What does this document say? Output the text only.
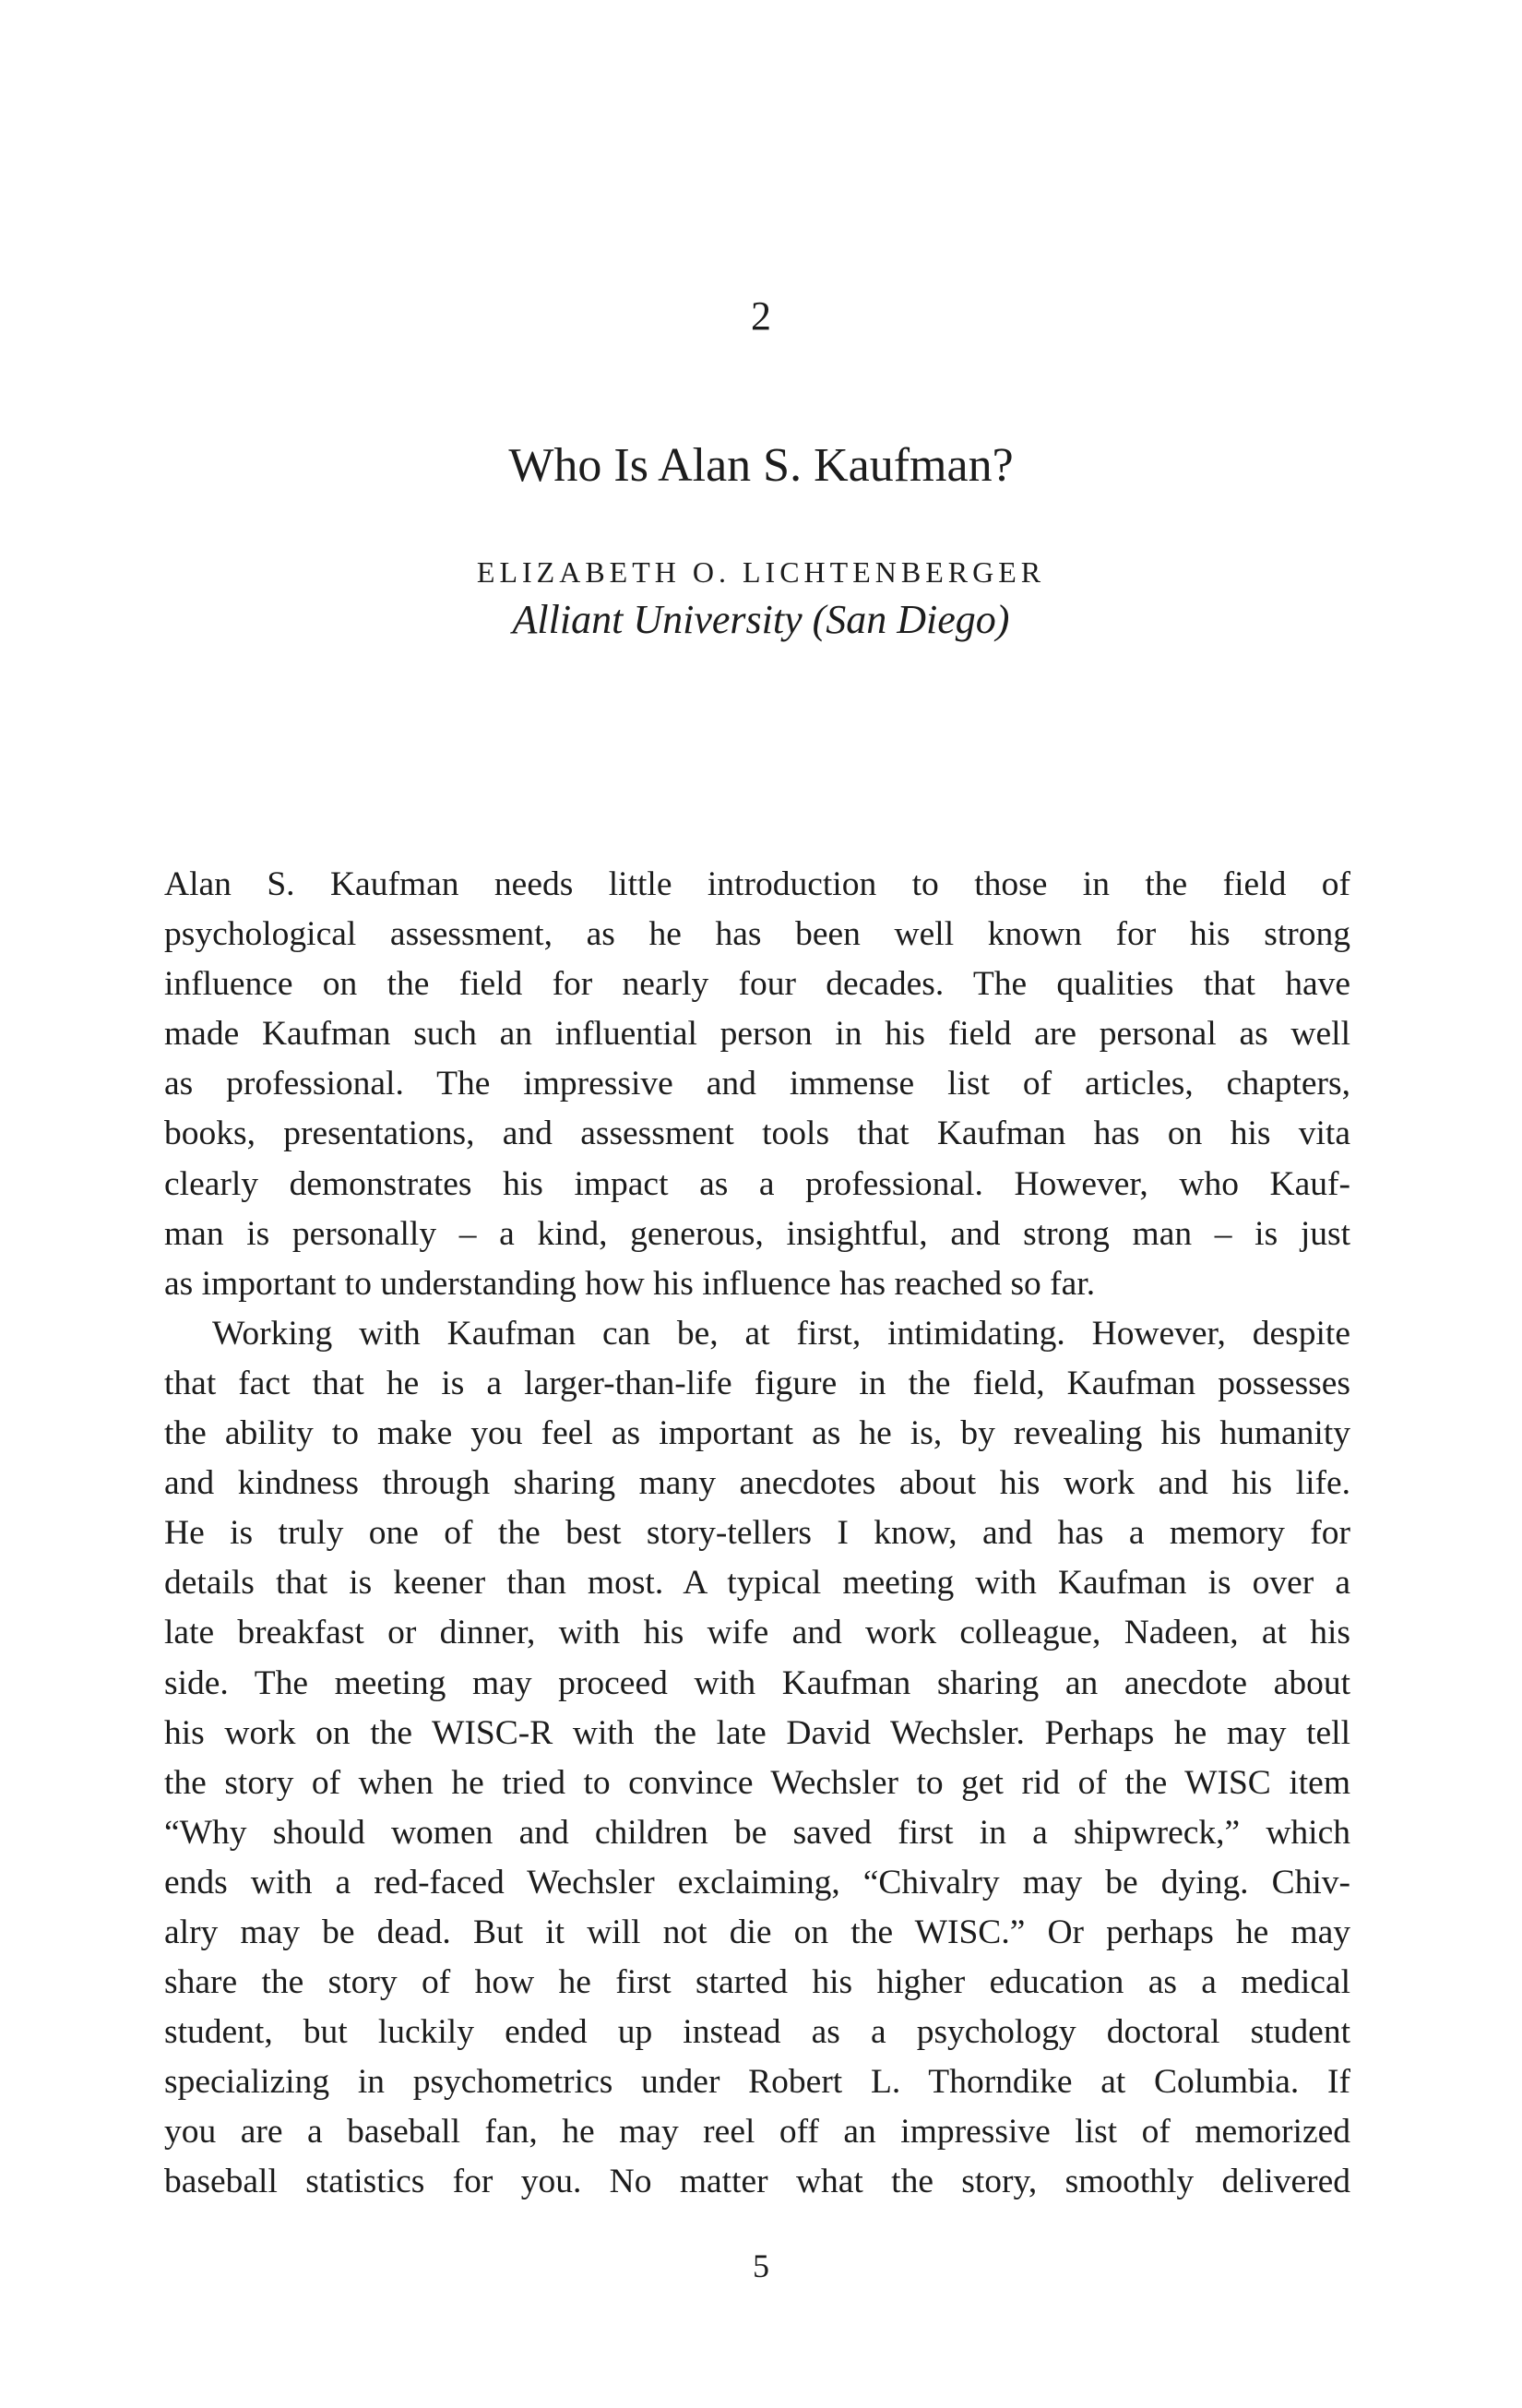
2
Who Is Alan S. Kaufman?
ELIZABETH O. LICHTENBERGER
Alliant University (San Diego)

Alan S. Kaufman needs little introduction to those in the field of
psychological assessment, as he has been well known for his strong
influence on the field for nearly four decades. The qualities that have
made Kaufman such an influential person in his field are personal as well
as professional. The impressive and immense list of articles, chapters,
books, presentations, and assessment tools that Kaufman has on his vita
clearly demonstrates his impact as a professional. However, who Kauf-
man is personally – a kind, generous, insightful, and strong man – is just
as important to understanding how his influence has reached so far.

Working with Kaufman can be, at first, intimidating. However, despite
that fact that he is a larger-than-life figure in the field, Kaufman possesses
the ability to make you feel as important as he is, by revealing his humanity
and kindness through sharing many anecdotes about his work and his life.
He is truly one of the best story-tellers I know, and has a memory for
details that is keener than most. A typical meeting with Kaufman is over a
late breakfast or dinner, with his wife and work colleague, Nadeen, at his
side. The meeting may proceed with Kaufman sharing an anecdote about
his work on the WISC-R with the late David Wechsler. Perhaps he may tell
the story of when he tried to convince Wechsler to get rid of the WISC item
“Why should women and children be saved first in a shipwreck,” which
ends with a red-faced Wechsler exclaiming, “Chivalry may be dying. Chiv-
alry may be dead. But it will not die on the WISC.” Or perhaps he may
share the story of how he first started his higher education as a medical
student, but luckily ended up instead as a psychology doctoral student
specializing in psychometrics under Robert L. Thorndike at Columbia. If
you are a baseball fan, he may reel off an impressive list of memorized
baseball statistics for you. No matter what the story, smoothly delivered

5
